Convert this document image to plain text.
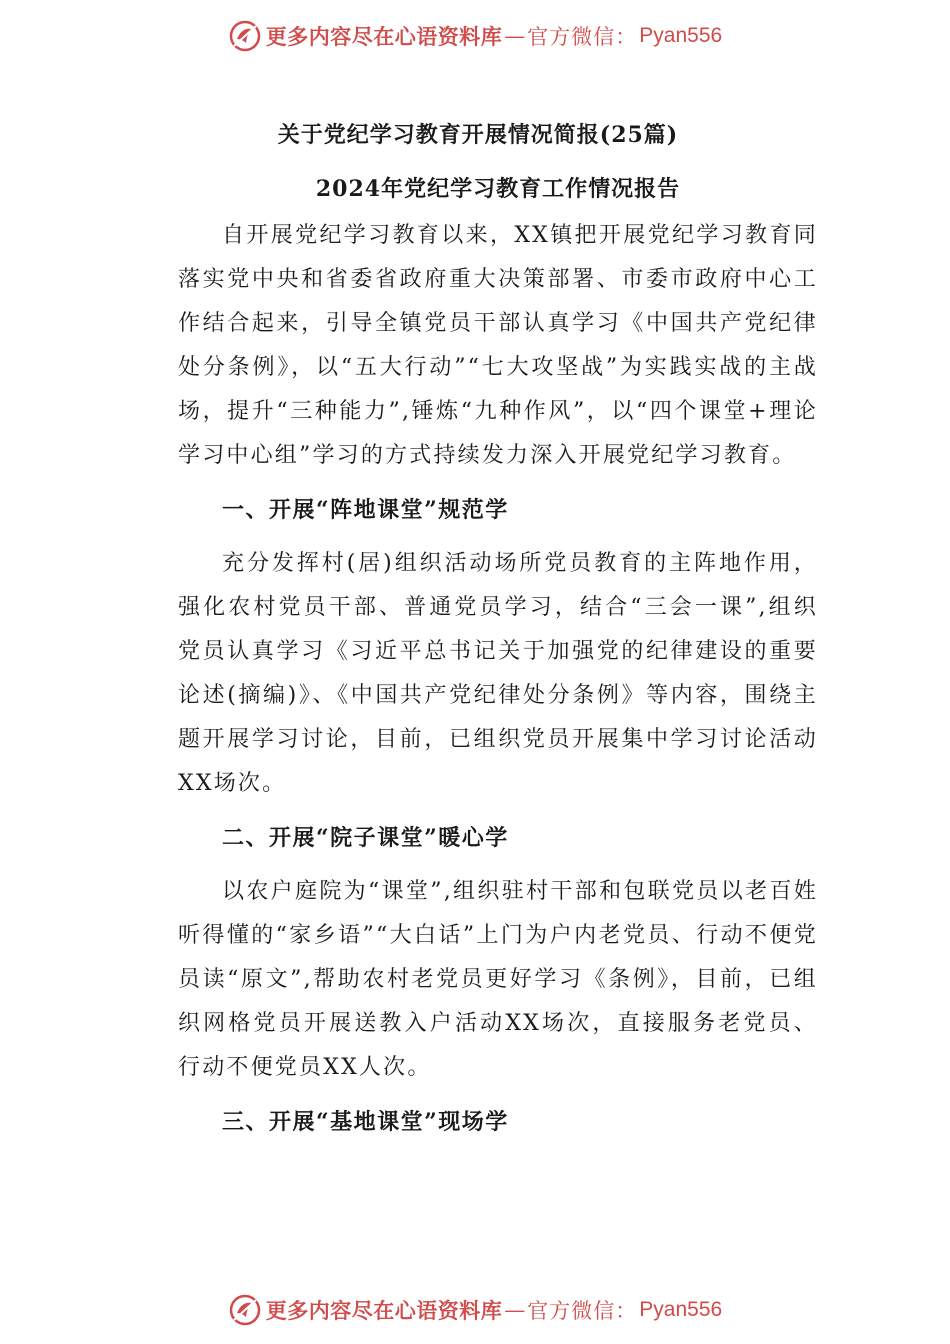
更多内容尽在心语资料库 — 官方微信： Pyan556
关于党纪学习教育开展情况简报(25篇)
2024年党纪学习教育工作情况报告

自开展党纪学习教育以来，XX镇把开展党纪学习教育同落实党中央和省委省政府重大决策部署、市委市政府中心工作结合起来，引导全镇党员干部认真学习《中国共产党纪律处分条例》，以“五大行动”“七大攻坚战”为实践实战的主战场，提升“三种能力”,锤炼“九种作风”，以“四个课堂+理论学习中心组”学习的方式持续发力深入开展党纪学习教育。

一、开展“阵地课堂”规范学

充分发挥村(居)组织活动场所党员教育的主阵地作用，强化农村党员干部、普通党员学习，结合“三会一课”,组织党员认真学习《习近平总书记关于加强党的纪律建设的重要论述(摘编)》、《中国共产党纪律处分条例》等内容，围绕主题开展学习讨论，目前，已组织党员开展集中学习讨论活动XX场次。

二、开展“院子课堂”暖心学

以农户庭院为“课堂”,组织驻村干部和包联党员以老百姓听得懂的“家乡语”“大白话”上门为户内老党员、行动不便党员读“原文”,帮助农村老党员更好学习《条例》，目前，已组织网格党员开展送教入户活动XX场次，直接服务老党员、行动不便党员XX人次。

三、开展“基地课堂”现场学
更多内容尽在心语资料库 — 官方微信： Pyan556
